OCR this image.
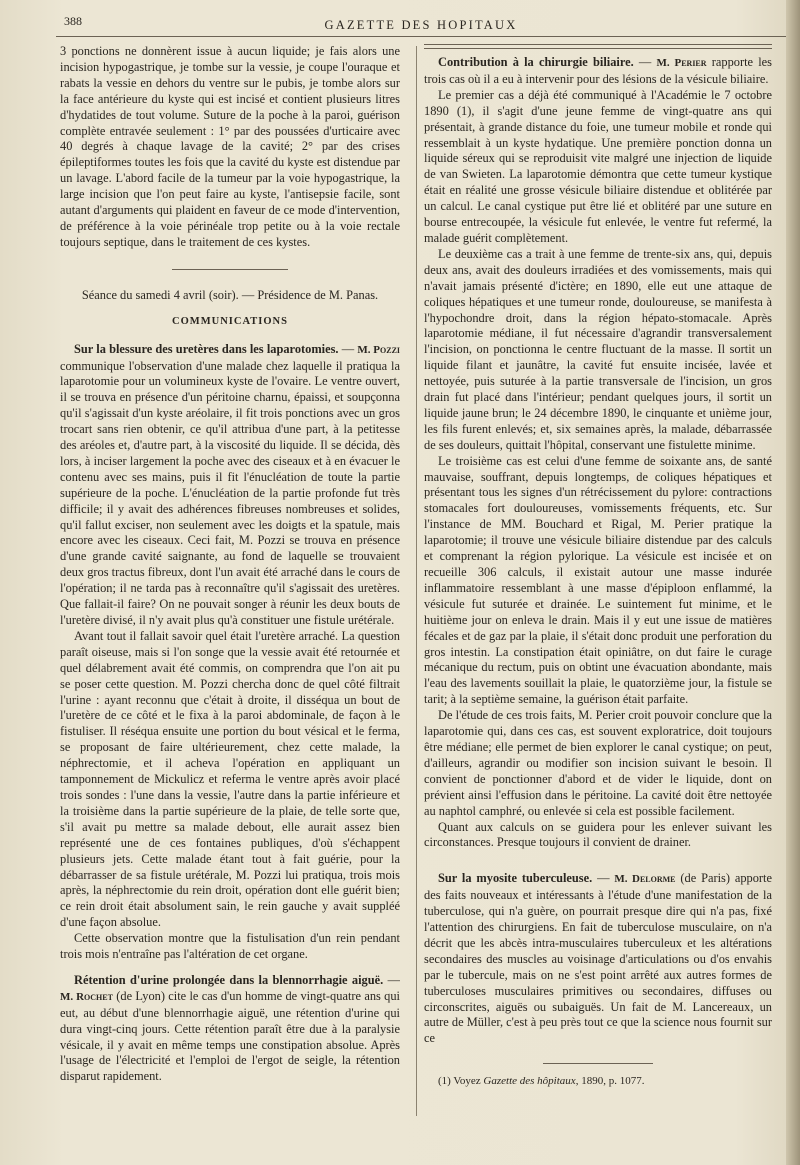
388	GAZETTE DES HOPITAUX

3 ponctions ne donnèrent issue à aucun liquide; je fais alors une incision hypogastrique, je tombe sur la vessie, je coupe l'ouraque et rabats la vessie en dehors du ventre sur le pubis, je tombe alors sur la face antérieure du kyste qui est incisé et contient plusieurs litres d'hydatides de tout volume. Suture de la poche à la paroi, guérison complète entravée seulement : 1° par des poussées d'urticaire avec 40 degrés à chaque lavage de la cavité; 2° par des crises épileptiformes toutes les fois que la cavité du kyste est distendue par un lavage. L'abord facile de la tumeur par la voie hypogastrique, la large incision que l'on peut faire au kyste, l'antisepsie facile, sont autant d'arguments qui plaident en faveur de ce mode d'intervention, de préférence à la voie périnéale trop petite ou à la voie rectale toujours septique, dans le traitement de ces kystes.

Séance du samedi 4 avril (soir). — Présidence de M. Panas.

COMMUNICATIONS

Sur la blessure des uretères dans les laparotomies. — M. Pozzi communique l'observation d'une malade chez laquelle il pratiqua la laparotomie pour un volumineux kyste de l'ovaire. Le ventre ouvert, il se trouva en présence d'un péritoine charnu, épaissi, et soupçonna qu'il s'agissait d'un kyste aréolaire, il fit trois ponctions avec un gros trocart sans rien obtenir, ce qu'il attribua d'une part, à la petitesse des aréoles et, d'autre part, à la viscosité du liquide. Il se décida, dès lors, à inciser largement la poche avec des ciseaux et à en évacuer le contenu avec ses mains, puis il fit l'énucléation de toute la partie supérieure de la poche. L'énucléation de la partie profonde fut très difficile; il y avait des adhérences fibreuses nombreuses et solides, qu'il fallut exciser, non seulement avec les doigts et la spatule, mais encore avec les ciseaux. Ceci fait, M. Pozzi se trouva en présence d'une grande cavité saignante, au fond de laquelle se trouvaient deux gros tractus fibreux, dont l'un avait été arraché dans le cours de l'opération; il ne tarda pas à reconnaître qu'il s'agissait des uretères. Que fallait-il faire? On ne pouvait songer à réunir les deux bouts de l'uretère divisé, il n'y avait plus qu'à constituer une fistule urétérale.

Avant tout il fallait savoir quel était l'uretère arraché. La question paraît oiseuse, mais si l'on songe que la vessie avait été retournée et quel délabrement avait été commis, on comprendra que l'on ait pu se poser cette question. M. Pozzi chercha donc de quel côté filtrait l'urine : ayant reconnu que c'était à droite, il disséqua un bout de l'uretère de ce côté et le fixa à la paroi abdominale, de façon à le fistuliser. Il réséqua ensuite une portion du bout vésical et le ferma, se proposant de faire ultérieurement, chez cette malade, la néphrectomie, et il acheva l'opération en appliquant un tamponnement de Mickulicz et referma le ventre après avoir placé trois sondes : l'une dans la vessie, l'autre dans la partie inférieure et la troisième dans la partie supérieure de la plaie, de telle sorte que, s'il avait pu mettre sa malade debout, elle aurait assez bien représenté une de ces fontaines publiques, d'où s'échappent plusieurs jets. Cette malade étant tout à fait guérie, pour la débarrasser de sa fistule urétérale, M. Pozzi lui pratiqua, trois mois après, la néphrectomie du rein droit, opération dont elle guérit bien; ce rein droit était absolument sain, le rein gauche y avait suppléé d'une façon absolue.

Cette observation montre que la fistulisation d'un rein pendant trois mois n'entraîne pas l'altération de cet organe.

Rétention d'urine prolongée dans la blennorrhagie aiguë. — M. Rochet (de Lyon) cite le cas d'un homme de vingt-quatre ans qui eut, au début d'une blennorrhagie aiguë, une rétention d'urine qui dura vingt-cinq jours. Cette rétention paraît être due à la paralysie vésicale, il y avait en même temps une constipation absolue. Après l'usage de l'électricité et l'emploi de l'ergot de seigle, la rétention disparut rapidement.

Contribution à la chirurgie biliaire. — M. Perier rapporte les trois cas où il a eu à intervenir pour des lésions de la vésicule biliaire.

Le premier cas a déjà été communiqué à l'Académie le 7 octobre 1890 (1), il s'agit d'une jeune femme de vingt-quatre ans qui présentait, à grande distance du foie, une tumeur mobile et ronde qui ressemblait à un kyste hydatique. Une première ponction donna un liquide séreux qui se reproduisit vite malgré une injection de liquide de van Swieten. La laparotomie démontra que cette tumeur kystique était en réalité une grosse vésicule biliaire distendue et oblitérée par un calcul. Le canal cystique put être lié et oblitéré par une suture en bourse entrecoupée, la vésicule fut enlevée, le ventre fut refermé, la malade guérit complètement.

Le deuxième cas a trait à une femme de trente-six ans, qui, depuis deux ans, avait des douleurs irradiées et des vomissements, mais qui n'avait jamais présenté d'ictère; en 1890, elle eut une attaque de coliques hépatiques et une tumeur ronde, douloureuse, se manifesta à l'hypochondre droit, dans la région hépato-stomacale. Après laparotomie médiane, il fut nécessaire d'agrandir transversalement l'incision, on ponctionna le centre fluctuant de la masse. Il sortit un liquide filant et jaunâtre, la cavité fut ensuite incisée, lavée et nettoyée, puis suturée à la partie transversale de l'incision, un gros drain fut placé dans l'intérieur; pendant quelques jours, il sortit un liquide jaune brun; le 24 décembre 1890, le cinquante et unième jour, les fils furent enlevés; et, six semaines après, la malade, débarrassée de ses douleurs, quittait l'hôpital, conservant une fistulette minime.

Le troisième cas est celui d'une femme de soixante ans, de santé mauvaise, souffrant, depuis longtemps, de coliques hépatiques et présentant tous les signes d'un rétrécissement du pylore: contractions stomacales fort douloureuses, vomissements fréquents, etc. Sur l'instance de MM. Bouchard et Rigal, M. Perier pratique la laparotomie; il trouve une vésicule biliaire distendue par des calculs et comprenant la région pylorique. La vésicule est incisée et on recueille 306 calculs, il existait autour une masse indurée inflammatoire ressemblant à une masse d'épiploon enflammé, la vésicule fut suturée et drainée. Le suintement fut minime, et le huitième jour on enleva le drain. Mais il y eut une issue de matières fécales et de gaz par la plaie, il s'était donc produit une perforation du gros intestin. La constipation était opiniâtre, on dut faire le curage mécanique du rectum, puis on obtint une évacuation abondante, mais l'eau des lavements souillait la plaie, le quatorzième jour, la fistule se tarit; à la septième semaine, la guérison était parfaite.

De l'étude de ces trois faits, M. Perier croit pouvoir conclure que la laparotomie qui, dans ces cas, est souvent exploratrice, doit toujours être médiane; elle permet de bien explorer le canal cystique; on peut, d'ailleurs, agrandir ou modifier son incision suivant le besoin. Il convient de ponctionner d'abord et de vider le liquide, dont on prévient ainsi l'effusion dans le péritoine. La cavité doit être nettoyée au naphtol camphré, ou enlevée si cela est possible facilement.

Quant aux calculs on se guidera pour les enlever suivant les circonstances. Presque toujours il convient de drainer.

Sur la myosite tuberculeuse. — M. Delorme (de Paris) apporte des faits nouveaux et intéressants à l'étude d'une manifestation de la tuberculose, qui n'a guère, on pourrait presque dire qui n'a pas, fixé l'attention des chirurgiens. En fait de tuberculose musculaire, on n'a décrit que les abcès intra-musculaires tuberculeux et les altérations secondaires des muscles au voisinage d'articulations ou d'os envahis par le tubercule, mais on ne s'est point arrêté aux autres formes de tuberculoses musculaires primitives ou secondaires, diffuses ou circonscrites, aiguës ou subaiguës. Un fait de M. Lancereaux, un autre de Müller, c'est à peu près tout ce que la science nous fournit sur ce

(1) Voyez Gazette des hôpitaux, 1890, p. 1077.
